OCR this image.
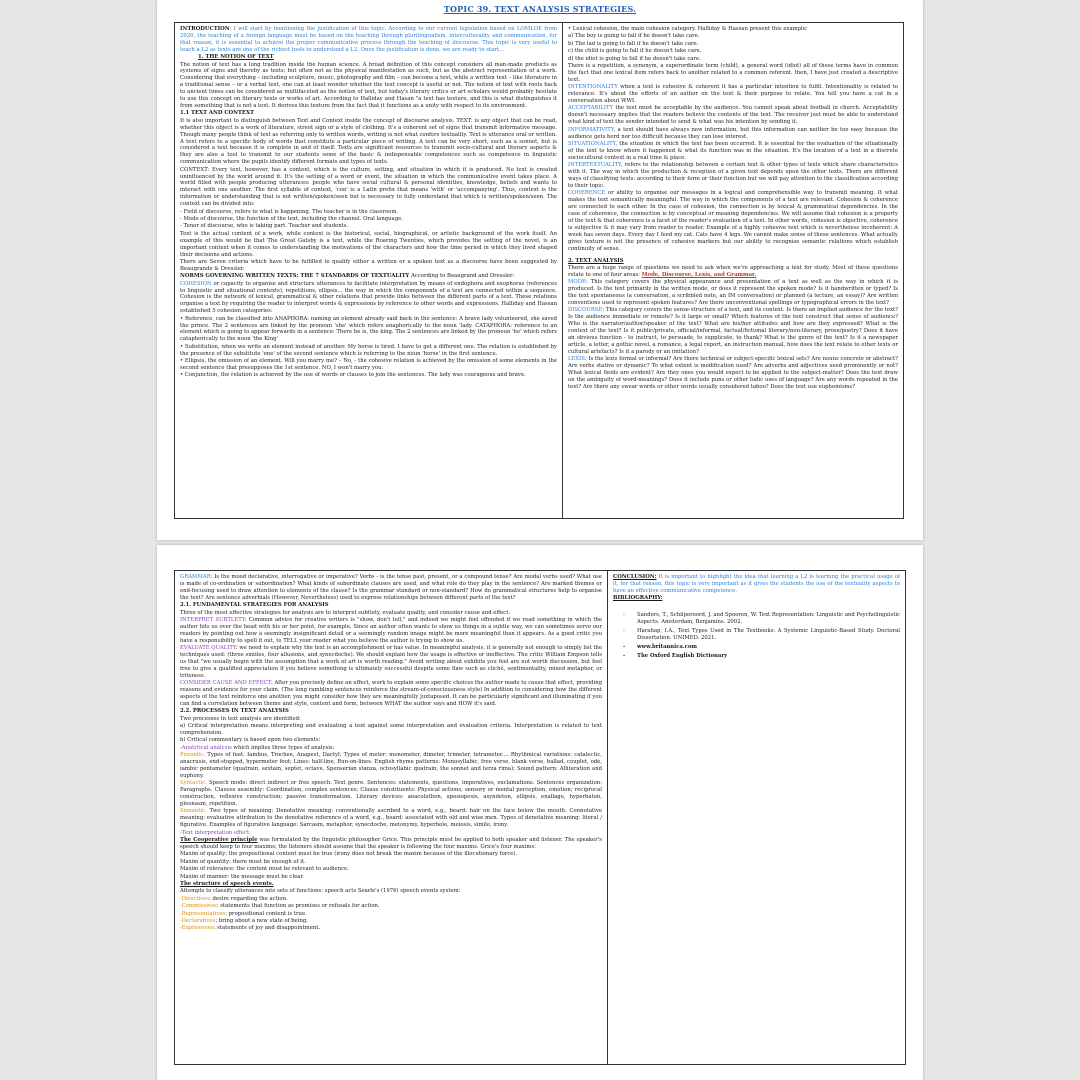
TOPIC 39. TEXT ANALYSIS STRATEGIES.

INTRODUCTION: I will start by mentioning the justification of this topic. According to our current legislation based on LOMLOE from 2020, the teaching of a foreign language must be based on the teaching through plurilingualism, interculturality and communication, for that reason, it is essential to achieve the proper communicative process through the teaching of discourse. This topic is very useful to teach a L2 as texts are one of the richest tools to understand a L2. Once the justification is done, we are ready to start...

1. THE NOTION OF TEXT

The notion of text has a long tradition inside the human science. A broad definition of this concept considers all man-made products as systems of signs and thereby as texts; but often not as the physical manifestation as such, but as the abstract representation of a work. Considering that everything – including sculpture, music, photography and film – can become a text, while a written text – like literature in a traditional sense – or a verbal text, one can at least wonder whether the text concept is useful or not. The notion of text with roots back to ancient times can be considered as multifaceted as the notion of text, but today's literary critics or art scholars would probably hesitate to use this concept on literary texts or works of art. According to Halliday and Hasan "a text has texture, and this is what distinguishes it from something that is not a text. It derives this texture from the fact that it functions as a unity with respect to its environment.

1.1 TEXT AND CONTEXT

It is also important to distinguish between Text and Context inside the concept of discourse analysis. TEXT: is any object that can be read, whether this object is a work of literature, street sign or a style of clothing. It's a coherent set of signs that transmit informative message. Though many people think of text as referring only to written words, writing is not what confers textuality. Text is utterance oral or written. A text refers to a specific body of words that constitute a particular piece of writing. A text can be very short, such as a sonnet, but is considered a text because it is complete in and of itself. Texts are significant resources to transmit socio-cultural and literary aspects & they are also a tool to transmit to our students some of the basic & indispensable competences such as competence in linguistic communication where the pupils identify different formats and types of texts.

CONTEXT: Every text, however, has a context, which is the culture, setting, and situation in which it is produced. No text is created uninfluenced by the world around it. It's the setting of a word or event, the situation in which the communicative event takes place. A world filled with people producing utterances: people who have social cultural & personal identities, knowledge, beliefs and wants to interact with one another. The first syllable of context, 'con' is a Latin prefix that means 'with' or 'accompanying'. Thus, context is the information or understanding that is not written/spoken/seen but is necessary to fully understand that which is written/spoken/seen. The context can be divided into:

- Field of discourse, refers to what is happening. The teacher is in the classroom.

- Mode of discourse, the function of the text, including the channel. Oral language.

- Tenor of discourse, who is taking part. Teacher and students.

Text is the actual content of a work, while context is the historical, social, biographical, or artistic background of the work itself. An example of this would be that The Great Gatsby is a text, while the Roaring Twenties, which provides the setting of the novel, is an important context when it comes to understanding the motivations of the characters and how the time period in which they lived shaped their decisions and actions.

There are Seven criteria which have to be fulfilled to qualify either a written or a spoken text as a discourse have been suggested by Beaugrande & Dressler.

NORMS GOVERNING WRITTEN TEXTS: THE 7 STANDARDS OF TEXTUALITY According to Beaugrand and Dressler:

COHESION or capacity to organise and structure utterances to facilitate interpretation by means of endophora and exophoras (references to linguistic and situational contexts), repetitions, ellipsis... the way in which the components of a text are connected within a sequence. Cohesion is the network of lexical, grammatical & other relations that provide links between the different parts of a text. These relations organise a text by requiring the reader to interpret words & expressions by reference to other words and expressions. Halliday and Hassan established 5 cohesion categories:

• Reference, can be classified into ANAPHORA: naming an element already said back in the sentence: A brave lady volunteered, she saved the prince. The 2 sentences are linked by the pronoun 'she' which refers anaphorically to the noun 'lady. CATAPHORA: reference to an element which is going to appear forwards in a sentence: There he is, the king. The 2 sentences are linked by the pronoun 'he' which refers cataphorically to the noun 'the King'

• Substitution, when we write an element instead of another. My horse is tired. I have to get a different one. The relation is established by the presence of the substitute 'one' of the second sentence which is referring to the noun 'horse' in the first sentence.

• Ellipsis, the omission of an element. Will you marry me? – No, - the cohesive relation is achieved by the omission of some elements in the second sentence that presupposes the 1st sentence. NO, I won't marry you.

• Conjunction, the relation is achieved by the use of words or clauses to join the sentences. The lady was courageous and brave.

• Lexical cohesion, the main cohesion category. Halliday & Hassan present this example:

a) The boy is going to fall if he doesn't take care.

b) The lad is going to fall if he doesn't take care.

c) the child is going to fall if he doesn't take care.

d) the idiot is going to fall if he doesn't take care.

There is a repetition, a synonym, a superordinate term (child), a general word (idiot) all of these terms have in common the fact that one lexical item refers back to another related to a common referent. then, I have just created a descriptive text.

INTENTIONALITY when a text is cohesive & coherent it has a particular intention to fulfil. Intentionality is related to relevance. It's about the efforts of an author on the text & their purpose to relate. You tell you have a cat in a conversation about WWI.

ACCEPTABILITY the text must be acceptable by the audience. You cannot speak about football in church. Acceptability doesn't necessary implies that the readers believe the contents of the text. The receiver just must be able to understand what kind of text the sender intended to send & what was his intention by sending it.

INFORMATIVITY, a text should have always new information, but this information can neither be too easy because the audience gets bord nor too difficult because they can lose interest.

SITUATIONALITY, the situation in which the text has been occurred. It is essential for the evaluation of the situationally of the text to know where it happened & what its function was in the situation. It's the location of a text in a discrete sociocultural context in a real time & place.

INTERTEXTUALITY, refers to the relationship between a certain text & other types of texts which share characteristics with it. The way in which the production & reception of a given text depends upon the other texts. There are different ways of classifying texts: according to their form or their function but we will pay attention to the classification according to their topic.

COHERENCE or ability to organise our messages in a logical and comprehensible way to transmit meaning. It what makes the text semantically meaningful. The way in which the components of a text are relevant. Cohesion & coherence are connected to each other. In the case of cohesion, the connection is by lexical & grammatical dependencies. In the case of coherence, the connection is by conceptual or meaning dependencies. We will assume that cohesion is a property of the text & that coherence is a facet of the reader's evaluation of a text. In other words, cohesion is objective, coherence is subjective & it may vary from reader to reader. Example of a highly cohesive text which is nevertheless incoherent: A week has seven days. Every day I feed my cat. Cats have 4 legs. We cannot make sense of these sentences. What actually gives texture is not the presence of cohesive markers but our ability to recognise semantic relations which establish continuity of sense.

2. TEXT ANALYSIS

There are a huge range of questions we need to ask when we're approaching a text for study. Most of these questions relate to one of four areas: Mode, Discourse, Lexis, and Grammar.

MODE: This category covers the physical appearance and presentation of a text as well as the way in which it is produced. Is the text primarily in the written mode, or does it represent the spoken mode? Is it handwritten or typed? Is the text spontaneous (a conversation, a scribbled note, an IM conversation) or planned (a lecture, an essay)? Are written conventions used to represent spoken features? Are there unconventional spellings or typographical errors in the text?

DISCOURSE: This category covers the sense-structure of a text, and its context. Is there an implied audience for the text? Is the audience immediate or remote? Is it large or small? Which features of the text construct that sense of audience? Who is the narrator/author/speaker of the text? What are his/her attitudes and how are they expressed? What is the context of the text? Is it public/private, official/informal, factual/fictional literary/non-literary, prose/poetry? Does it have an obvious function - to instruct, to persuade, to supplicate, to thank? What is the genre of the text? Is it a newspaper article, a letter, a gothic novel, a romance, a legal report, an instruction manual, how does the text relate to other texts or cultural artefacts? Is it a parody or an imitation?

LEXIS: Is the lexis formal or informal? Are there technical or subject-specific lexical sets? Are nouns concrete or abstract? Are verbs stative or dynamic? To what extent is modification used? Are adverbs and adjectives used prominently or not? What lexical fields are evident? Are they ones you would expect to be applied to the subject-matter? Does the text draw on the ambiguity of word-meanings? Does it include puns or other ludic uses of language? Are any words repeated in the text? Are there any swear words or other words usually considered taboo? Does the text use euphemisms?

GRAMMAR: Is the mood declarative, interrogative or imperative? Verbs - is the tense past, present, or a compound tense? Are modal verbs used? What use is made of co-ordination or subordination? What kinds of subordinate clauses are used, and what role do they play in the sentence? Are marked themes or end-focusing used to draw attention to elements of the clause? Is the grammar standard or non-standard? How do grammatical structures help to organise the text? Are sentence adverbials (However, Nevertheless) used to express relationships between different parts of the text?

2.1. FUNDAMENTAL STRATEGIES FOR ANALYSIS

Three of the most effective strategies for analysis are to interpret subtlety, evaluate quality, and consider cause and effect.

INTERPRET SUBTLETY: Common advice for creative writers is "show, don't tell," and indeed we might feel offended if we read something in which the author hits us over the head with his or her point, for example. Since an author often wants to show us things in a subtle way, we can sometimes serve our readers by pointing out how a seemingly insignificant detail or a seemingly random image might be more meaningful than it appears. As a good critic you have a responsibility to spell it out, to TELL your reader what you believe the author is trying to show us.

EVALUATE QUALITY: we need to explain why the text is an accomplishment or has value. In meaningful analysis, it is generally not enough to simply list the techniques used: (three similes, four allusions, and synecdoche). We should explain how the usage is effective or ineffective. The critic William Empson tells us that "we usually begin with the assumption that a work of art is worth reading." Avoid writing about exhibits you feel are not worth discussion, but feel free to give a qualified appreciation if you believe something is ultimately successful despite some flaw such as cliché, sentimentality, mixed metaphor, or triteness.

CONSIDER CAUSE AND EFFECT: After you precisely define an effect, work to explain some specific choices the author made to cause that effect, providing reasons and evidence for your claim. (The long rambling sentences reinforce the stream-of-consciousness style) In addition to considering how the different aspects of the text reinforce one another, you might consider how they are meaningfully juxtaposed. It can be particularly significant and illuminating if you can find a correlation between theme and style, content and form, between WHAT the author says and HOW it's said.

2.2. PROCESSES IN TEXT ANALYSIS

Two processes in text analysis are identified:

a) Critical interpretation means interpreting and evaluating a text against some interpretation and evaluation criteria. Interpretation is related to text comprehension.

b) Critical commentary is based upon two elements:

-Analytical analysis which implies three types of analysis:

Prosodic: Types of feet: Iambus, Trochee, Anapest, Dactyl; Types of meter: monometer, dimeter, trimeter, tetrameter.... Rhythmical variations: catalectic, anacrusis, end-stopped, hypermeter foot; Lines: half-line, Run-on-lines. English rhyme patterns: Monosyllabic, free verse, blank verse, ballad, couplet, ode, iambic pentameter (quatrain, sextain, septet, octave, Spenserian stanza, octosyllabic quatrain, the sonnet and terza rima); Sound pattern: Alliteration and euphony.

Syntactic. Speech mode: direct indirect or free speech. Text genre. Sentences: statements, questions, imperatives, exclamations. Sentences organization: Paragraphs. Clauses assembly: Coordination, complex sentences; Clause constituents: Physical actions, sensory or mental perception, emotion; reciprocal construction, reflexive construction; passive transformation. Literary devices: anacoluthon, aposiopesis, asyndeton, ellipsis, enallage, hyperbaton, pleonasm, repetition.

Semantic. Two types of meaning: Denotative meaning: conventionally ascribed to a word, e.g., beard: hair on the face below the mouth. Connotative meaning: evaluative attribution to the denotative reference of a word, e.g., beard: associated with old and wise men. Types of denotative meaning: literal / figurative. Examples of figurative language: Sarcasm, metaphor, synecdoche, metonymy, hyperbole, meiosis, simile, irony.

-Text interpretation effect.

The Cooperative principle was formulated by the linguistic philosopher Grice. This principle must be applied to both speaker and listener. The speaker's speech should keep to four maxims; the listeners should assume that the speaker is following the four maxims. Grice's four maxims:

Maxim of quality: the propositional content must be true (irony does not break the maxim because of the illocutionary force).

Maxim of quantity: there must be enough of it.

Maxim of relevance: the content must be relevant to audience.

Maxim of manner: the message must be clear.

The structure of speech events.

Attempts to classify utterances into sets of functions: speech acts Searle's (1976) speech events system:

-Directives: desire regarding the action.

-Commissives: statements that function as promises or refusals for action.

-Representatives: propositional content is true.

-Declaratives: bring about a new state of being.

-Expressives: statements of joy and disappointment.

CONCLUSION: It is important to highlight the idea that learning a L2 is learning the practical usage of it, for that reason, this topic is very important as it gives the students the use of the textuality aspects to have an effective communicative competence.

BIBLIOGRAPHY:

- Sanders, T., Schilperoord, J. and Spooren, W. Text Representation: Linguistic and Psycholinguistic Aspects. Amsterdam, Benjamins. 2002.
- Harahap, I.A., Text Types Used in The Textbooks: A Systemic Linguistic-Based Study. Doctoral Dissertation. UNIMED. 2021.
- www.britannica.com
- The Oxford English Dictionary
